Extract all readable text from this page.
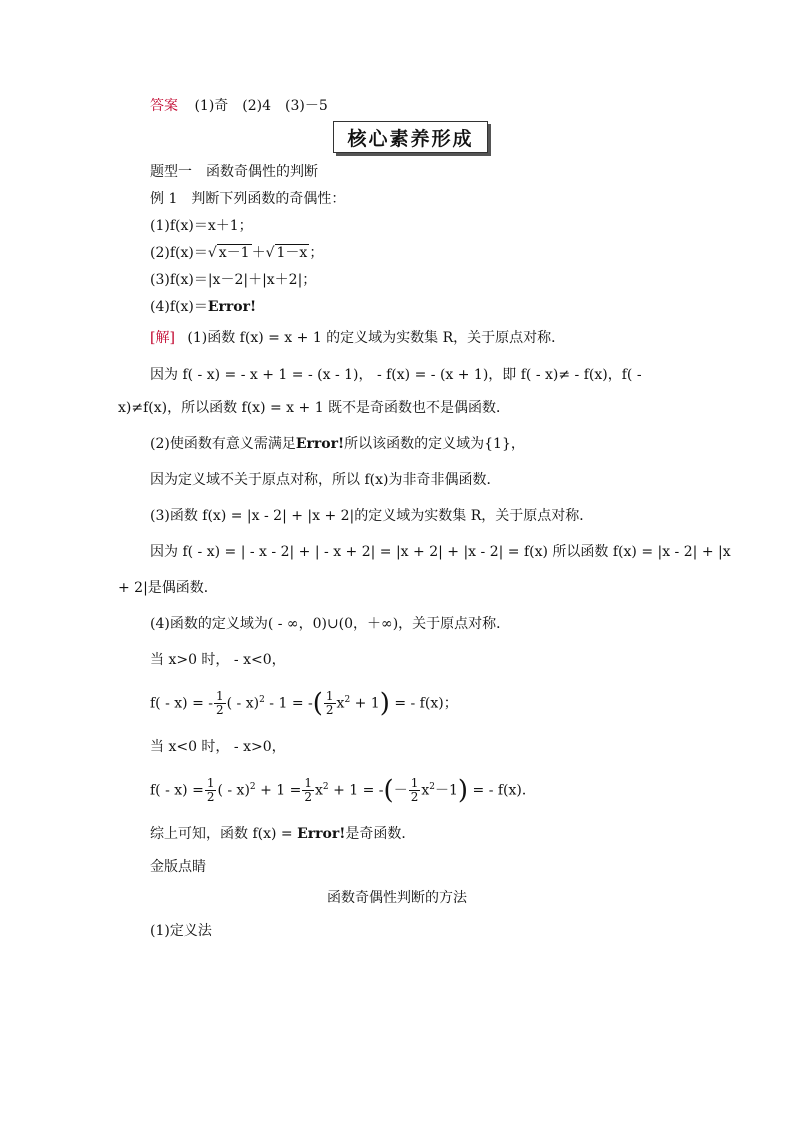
答案 (1)奇　(2)4　(3)－5
核心素养形成
题型一　函数奇偶性的判断
例 1　判断下列函数的奇偶性：
(1)f(x)＝x＋1；
(2)f(x)＝√ x－1 ＋√ 1－x ；
(3)f(x)＝|x－2|＋|x＋2|；
(4)f(x)＝Error!
[解] (1)函数 f(x) = x + 1 的定义域为实数集 R，关于原点对称．
因为 f( - x) = - x + 1 = - (x - 1)， - f(x) = - (x + 1)，即 f( - x)≠ - f(x)，f( -
x)≠f(x)，所以函数 f(x) = x + 1 既不是奇函数也不是偶函数．
(2)使函数有意义需满足Error!所以该函数的定义域为{1}，
因为定义域不关于原点对称，所以 f(x)为非奇非偶函数．
(3)函数 f(x) = |x - 2| + |x + 2|的定义域为实数集 R，关于原点对称．
因为 f( - x) = | - x - 2| + | - x + 2| = |x + 2| + |x - 2| = f(x) 所以函数 f(x) = |x - 2| + |x
+ 2|是偶函数．
(4)函数的定义域为( - ∞，0)∪(0，＋∞)，关于原点对称．
当 x>0 时， - x<0，
f( - x) = - $\frac{1}{2}$ ( - x)$^2$ - 1 = -( $\frac{1}{2} x^2 + 1$) = - f(x)；
当 x<0 时， - x>0，
$f( - x) = \frac{1}{2}$ ( - $x)^2 + 1 = \frac{1}{2} x^2 + 1$ = -(－ $\frac{1}{2} x^2-1$) = - f(x)．
综上可知，函数 f(x) = Error!是奇函数．
金版点睛
函数奇偶性判断的方法
(1)定义法
